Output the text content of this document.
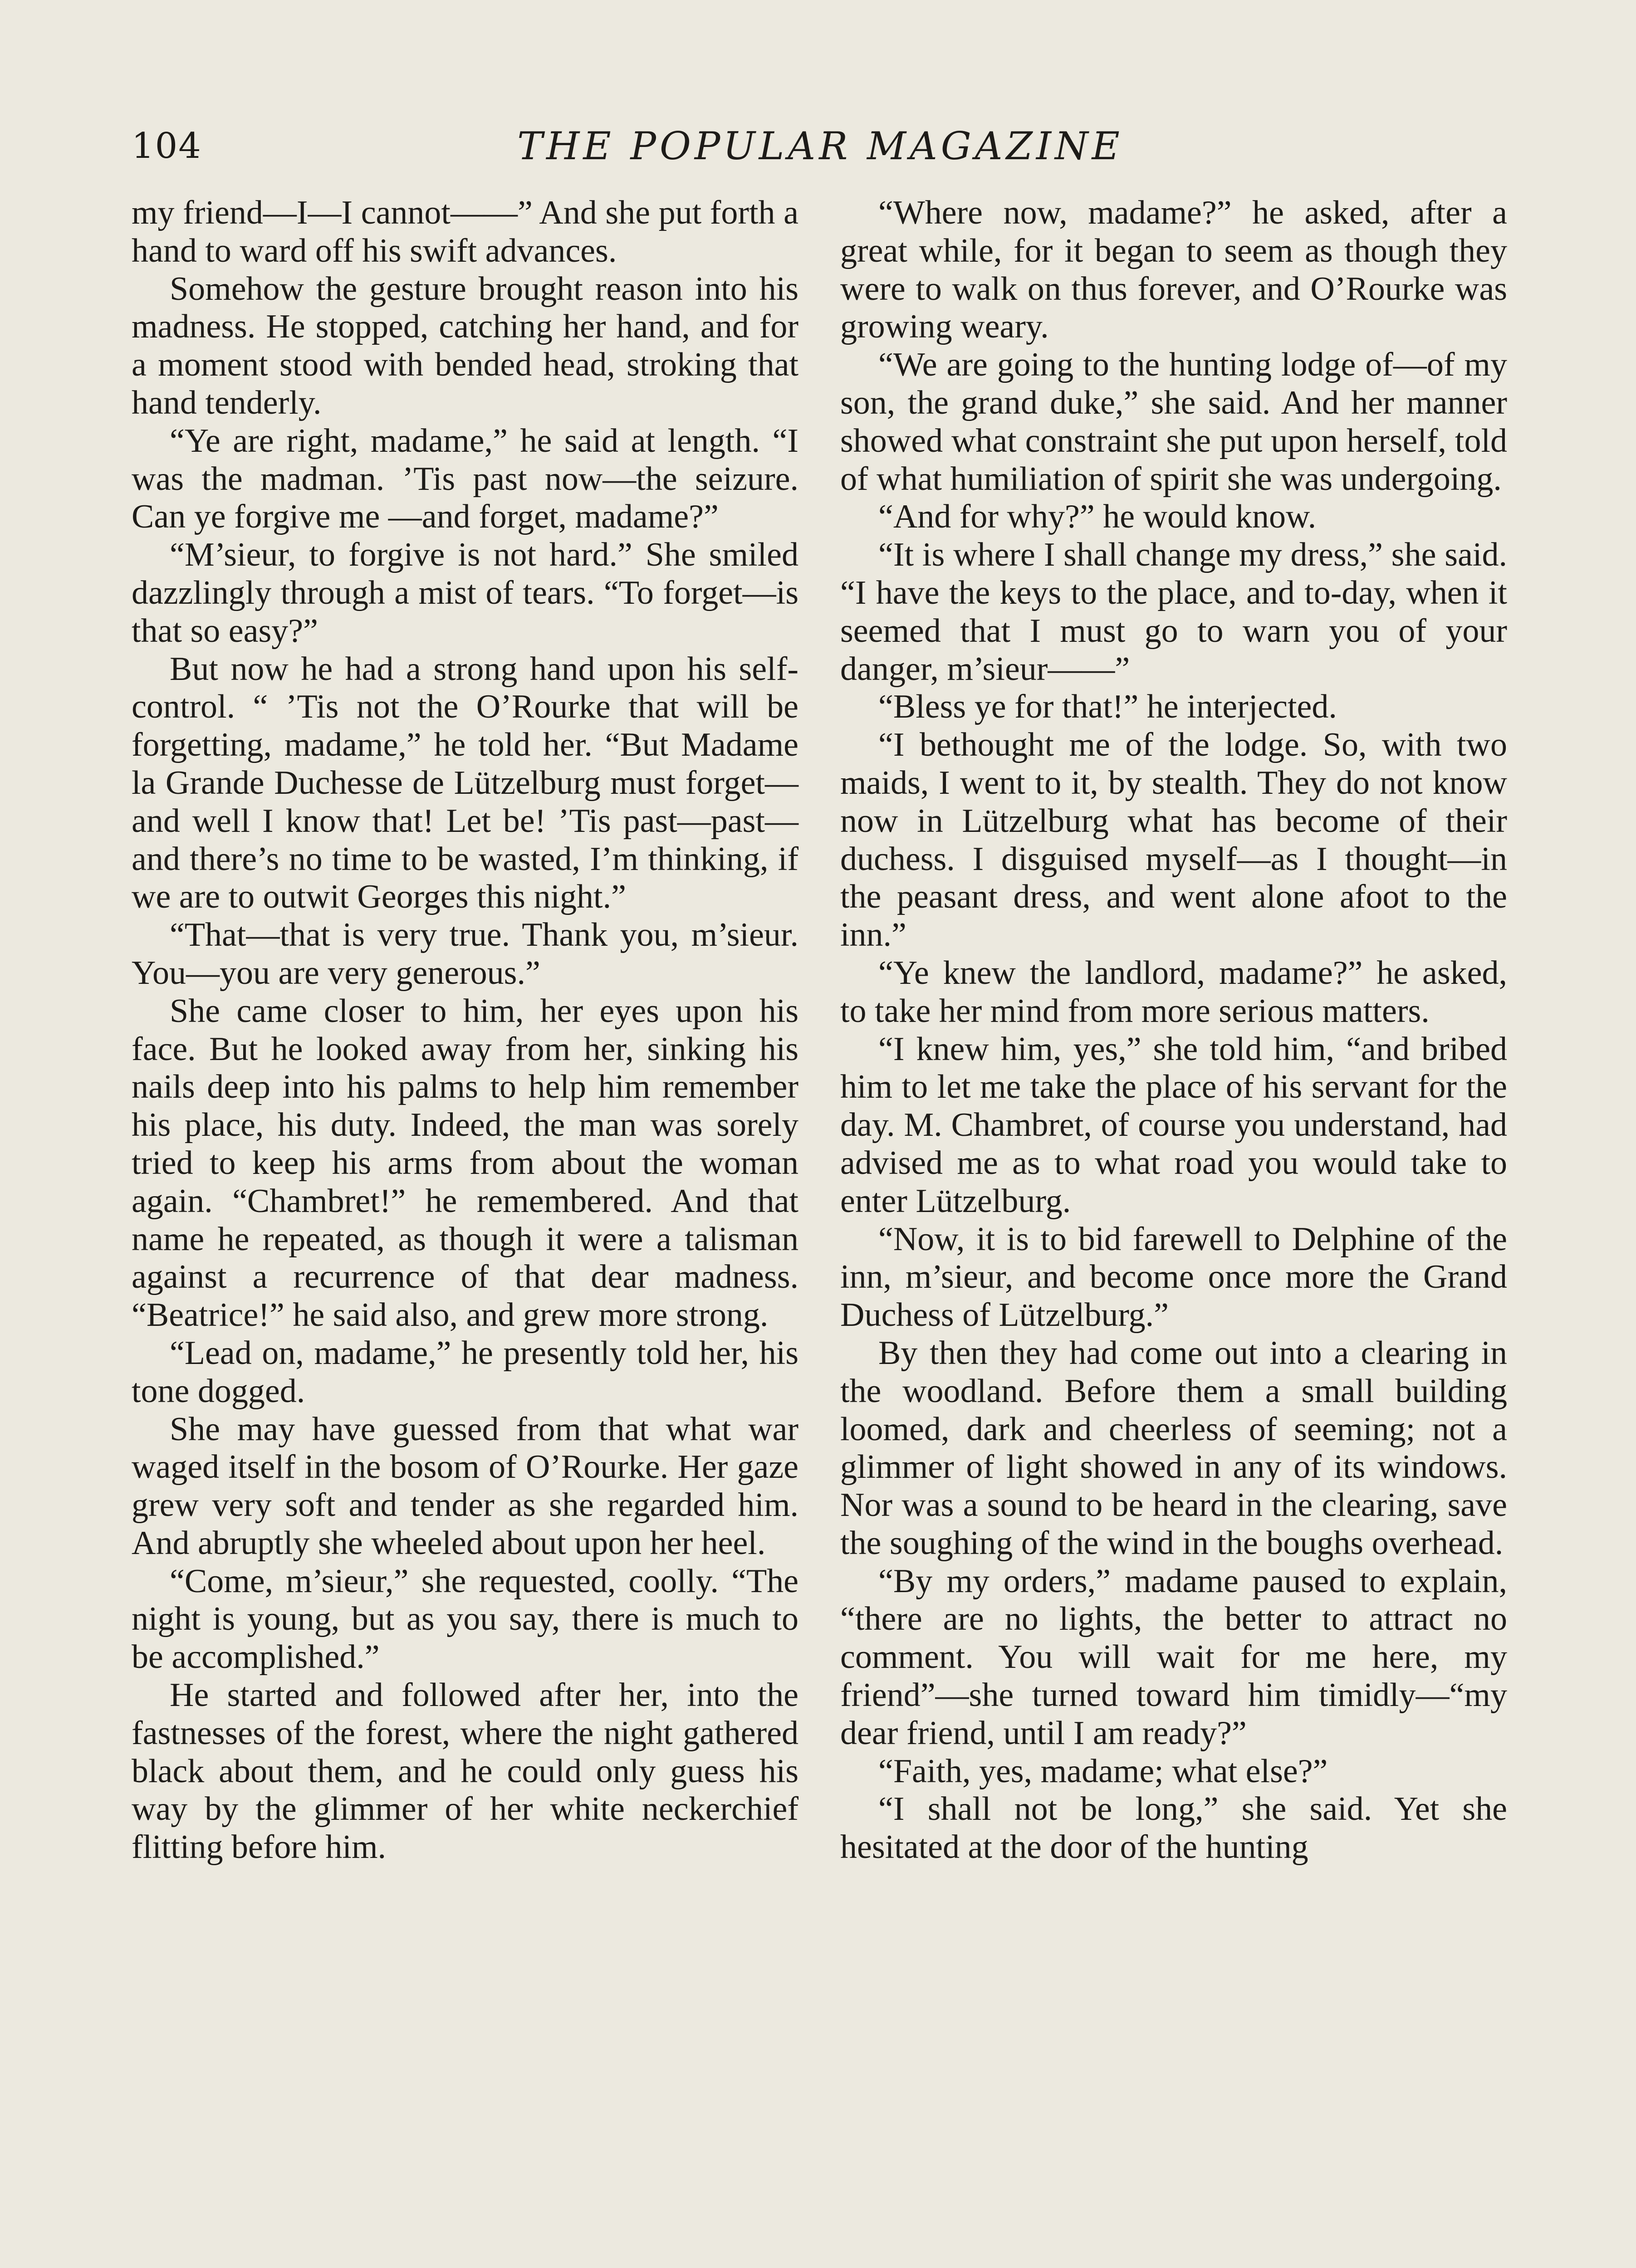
104	THE POPULAR MAGAZINE

my friend—I—I cannot——” And she put forth a hand to ward off his swift advances.

Somehow the gesture brought reason into his madness. He stopped, catching her hand, and for a moment stood with bended head, stroking that hand tenderly.

“Ye are right, madame,” he said at length. “I was the madman. ’Tis past now—the seizure. Can ye forgive me —and forget, madame?”

“M’sieur, to forgive is not hard.” She smiled dazzlingly through a mist of tears. “To forget—is that so easy?”

But now he had a strong hand upon his self-control. “ ’Tis not the O’Rourke that will be forgetting, madame,” he told her. “But Madame la Grande Duchesse de Lützelburg must forget—and well I know that! Let be! ’Tis past—past—and there’s no time to be wasted, I’m thinking, if we are to outwit Georges this night.”

“That—that is very true. Thank you, m’sieur. You—you are very generous.”

She came closer to him, her eyes upon his face. But he looked away from her, sinking his nails deep into his palms to help him remember his place, his duty. Indeed, the man was sorely tried to keep his arms from about the woman again. “Chambret!” he remembered. And that name he repeated, as though it were a talisman against a recurrence of that dear madness. “Beatrice!” he said also, and grew more strong.

“Lead on, madame,” he presently told her, his tone dogged.

She may have guessed from that what war waged itself in the bosom of O’Rourke. Her gaze grew very soft and tender as she regarded him. And abruptly she wheeled about upon her heel.

“Come, m’sieur,” she requested, coolly. “The night is young, but as you say, there is much to be accomplished.”

He started and followed after her, into the fastnesses of the forest, where the night gathered black about them, and he could only guess his way by the glimmer of her white neckerchief flitting before him.

“Where now, madame?” he asked, after a great while, for it began to seem as though they were to walk on thus forever, and O’Rourke was growing weary.

“We are going to the hunting lodge of—of my son, the grand duke,” she said. And her manner showed what constraint she put upon herself, told of what humiliation of spirit she was undergoing.

“And for why?” he would know.

“It is where I shall change my dress,” she said. “I have the keys to the place, and to-day, when it seemed that I must go to warn you of your danger, m’sieur——”

“Bless ye for that!” he interjected.

“I bethought me of the lodge. So, with two maids, I went to it, by stealth. They do not know now in Lützelburg what has become of their duchess. I disguised myself—as I thought—in the peasant dress, and went alone afoot to the inn.”

“Ye knew the landlord, madame?” he asked, to take her mind from more serious matters.

“I knew him, yes,” she told him, “and bribed him to let me take the place of his servant for the day. M. Chambret, of course you understand, had advised me as to what road you would take to enter Lützelburg.

“Now, it is to bid farewell to Delphine of the inn, m’sieur, and become once more the Grand Duchess of Lützelburg.”

By then they had come out into a clearing in the woodland. Before them a small building loomed, dark and cheerless of seeming; not a glimmer of light showed in any of its windows. Nor was a sound to be heard in the clearing, save the soughing of the wind in the boughs overhead.

“By my orders,” madame paused to explain, “there are no lights, the better to attract no comment. You will wait for me here, my friend”—she turned toward him timidly—“my dear friend, until I am ready?”

“Faith, yes, madame; what else?”

“I shall not be long,” she said. Yet she hesitated at the door of the hunting
